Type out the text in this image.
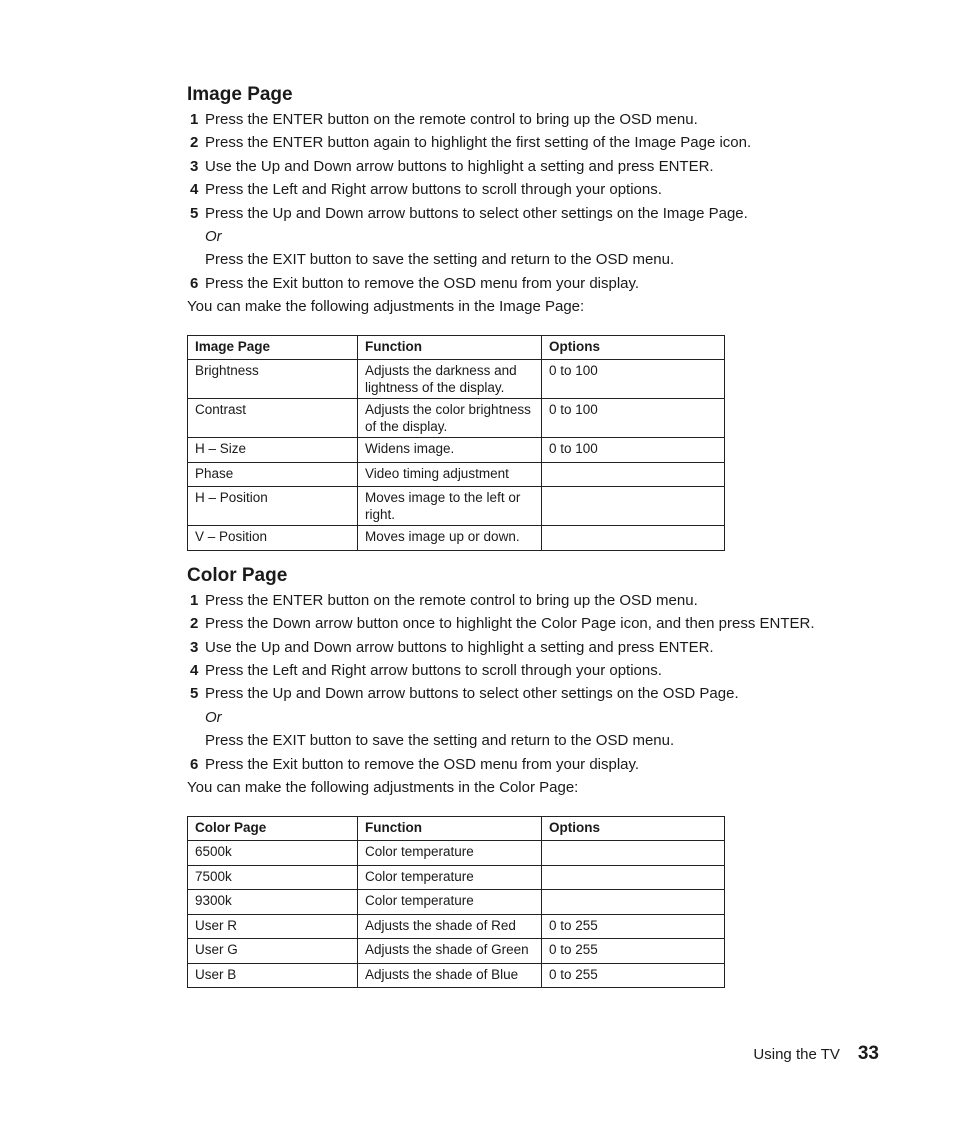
Image Page
1 Press the ENTER button on the remote control to bring up the OSD menu.
2 Press the ENTER button again to highlight the first setting of the Image Page icon.
3 Use the Up and Down arrow buttons to highlight a setting and press ENTER.
4 Press the Left and Right arrow buttons to scroll through your options.
5 Press the Up and Down arrow buttons to select other settings on the Image Page.
Or
Press the EXIT button to save the setting and return to the OSD menu.
6 Press the Exit button to remove the OSD menu from your display.

You can make the following adjustments in the Image Page:

Image Page	Function	Options
Brightness	Adjusts the darkness and lightness of the display.	0 to 100
Contrast	Adjusts the color brightness of the display.	0 to 100
H – Size	Widens image.	0 to 100
Phase	Video timing adjustment	
H – Position	Moves image to the left or right.	
V – Position	Moves image up or down.	
Color Page
1 Press the ENTER button on the remote control to bring up the OSD menu.
2 Press the Down arrow button once to highlight the Color Page icon, and then press ENTER.
3 Use the Up and Down arrow buttons to highlight a setting and press ENTER.
4 Press the Left and Right arrow buttons to scroll through your options.
5 Press the Up and Down arrow buttons to select other settings on the OSD Page.
Or
Press the EXIT button to save the setting and return to the OSD menu.
6 Press the Exit button to remove the OSD menu from your display.

You can make the following adjustments in the Color Page:

Color Page	Function	Options
6500k	Color temperature	
7500k	Color temperature	
9300k	Color temperature	
User R	Adjusts the shade of Red	0 to 255
User G	Adjusts the shade of Green	0 to 255
User B	Adjusts the shade of Blue	0 to 255
Using the TV 33
